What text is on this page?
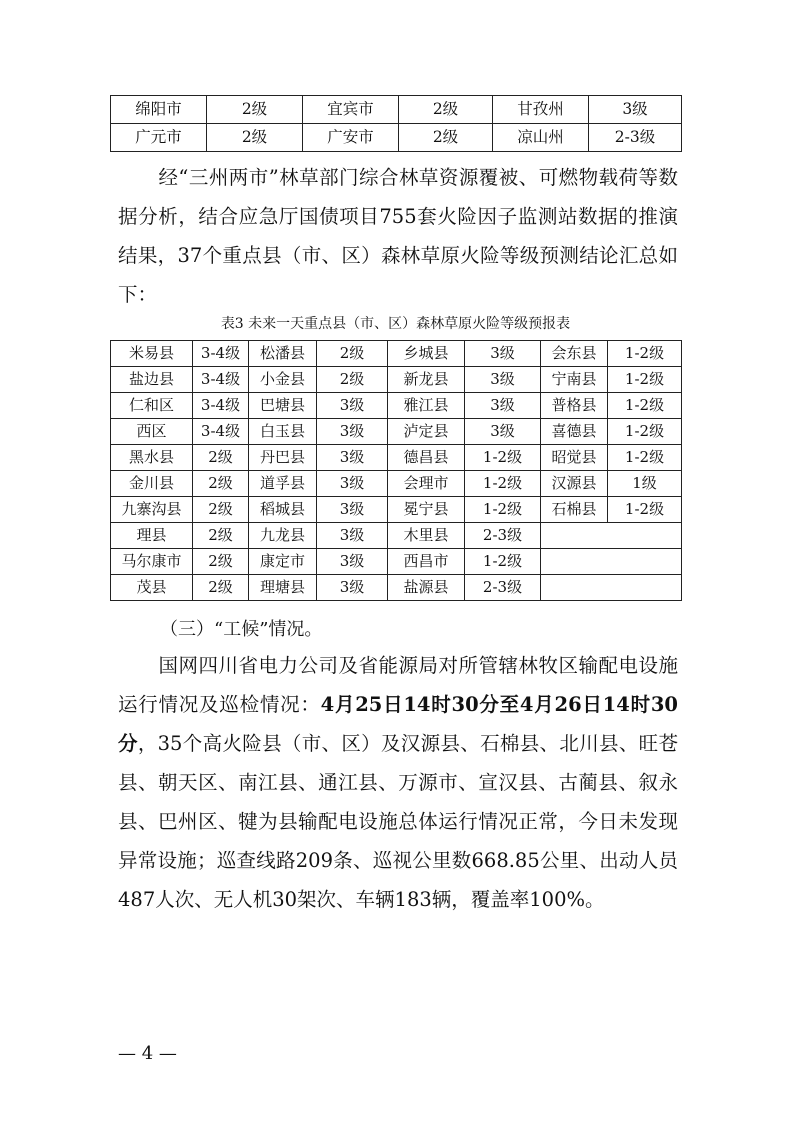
绵阳市	2级	宜宾市	2级	甘孜州	3级
广元市	2级	广安市	2级	凉山州	2-3级

经“三州两市”林草部门综合林草资源覆被、可燃物载荷等数据分析，结合应急厅国债项目755套火险因子监测站数据的推演结果，37个重点县（市、区）森林草原火险等级预测结论汇总如下：

表3 未来一天重点县（市、区）森林草原火险等级预报表
米易县	3-4级	松潘县	2级	乡城县	3级	会东县	1-2级
盐边县	3-4级	小金县	2级	新龙县	3级	宁南县	1-2级
仁和区	3-4级	巴塘县	3级	雅江县	3级	普格县	1-2级
西区	3-4级	白玉县	3级	泸定县	3级	喜德县	1-2级
黑水县	2级	丹巴县	3级	德昌县	1-2级	昭觉县	1-2级
金川县	2级	道孚县	3级	会理市	1-2级	汉源县	1级
九寨沟县	2级	稻城县	3级	冕宁县	1-2级	石棉县	1-2级
理县	2级	九龙县	3级	木里县	2-3级		
马尔康市	2级	康定市	3级	西昌市	1-2级		
茂县	2级	理塘县	3级	盐源县	2-3级		
（三）“工候”情况。

国网四川省电力公司及省能源局对所管辖林牧区输配电设施运行情况及巡检情况：4月25日14时30分至4月26日14时30分，35个高火险县（市、区）及汉源县、石棉县、北川县、旺苍县、朝天区、南江县、通江县、万源市、宣汉县、古蔺县、叙永县、巴州区、犍为县输配电设施总体运行情况正常，今日未发现异常设施；巡查线路209条、巡视公里数668.85公里、出动人员487人次、无人机30架次、车辆183辆，覆盖率100%。

— 4 —
